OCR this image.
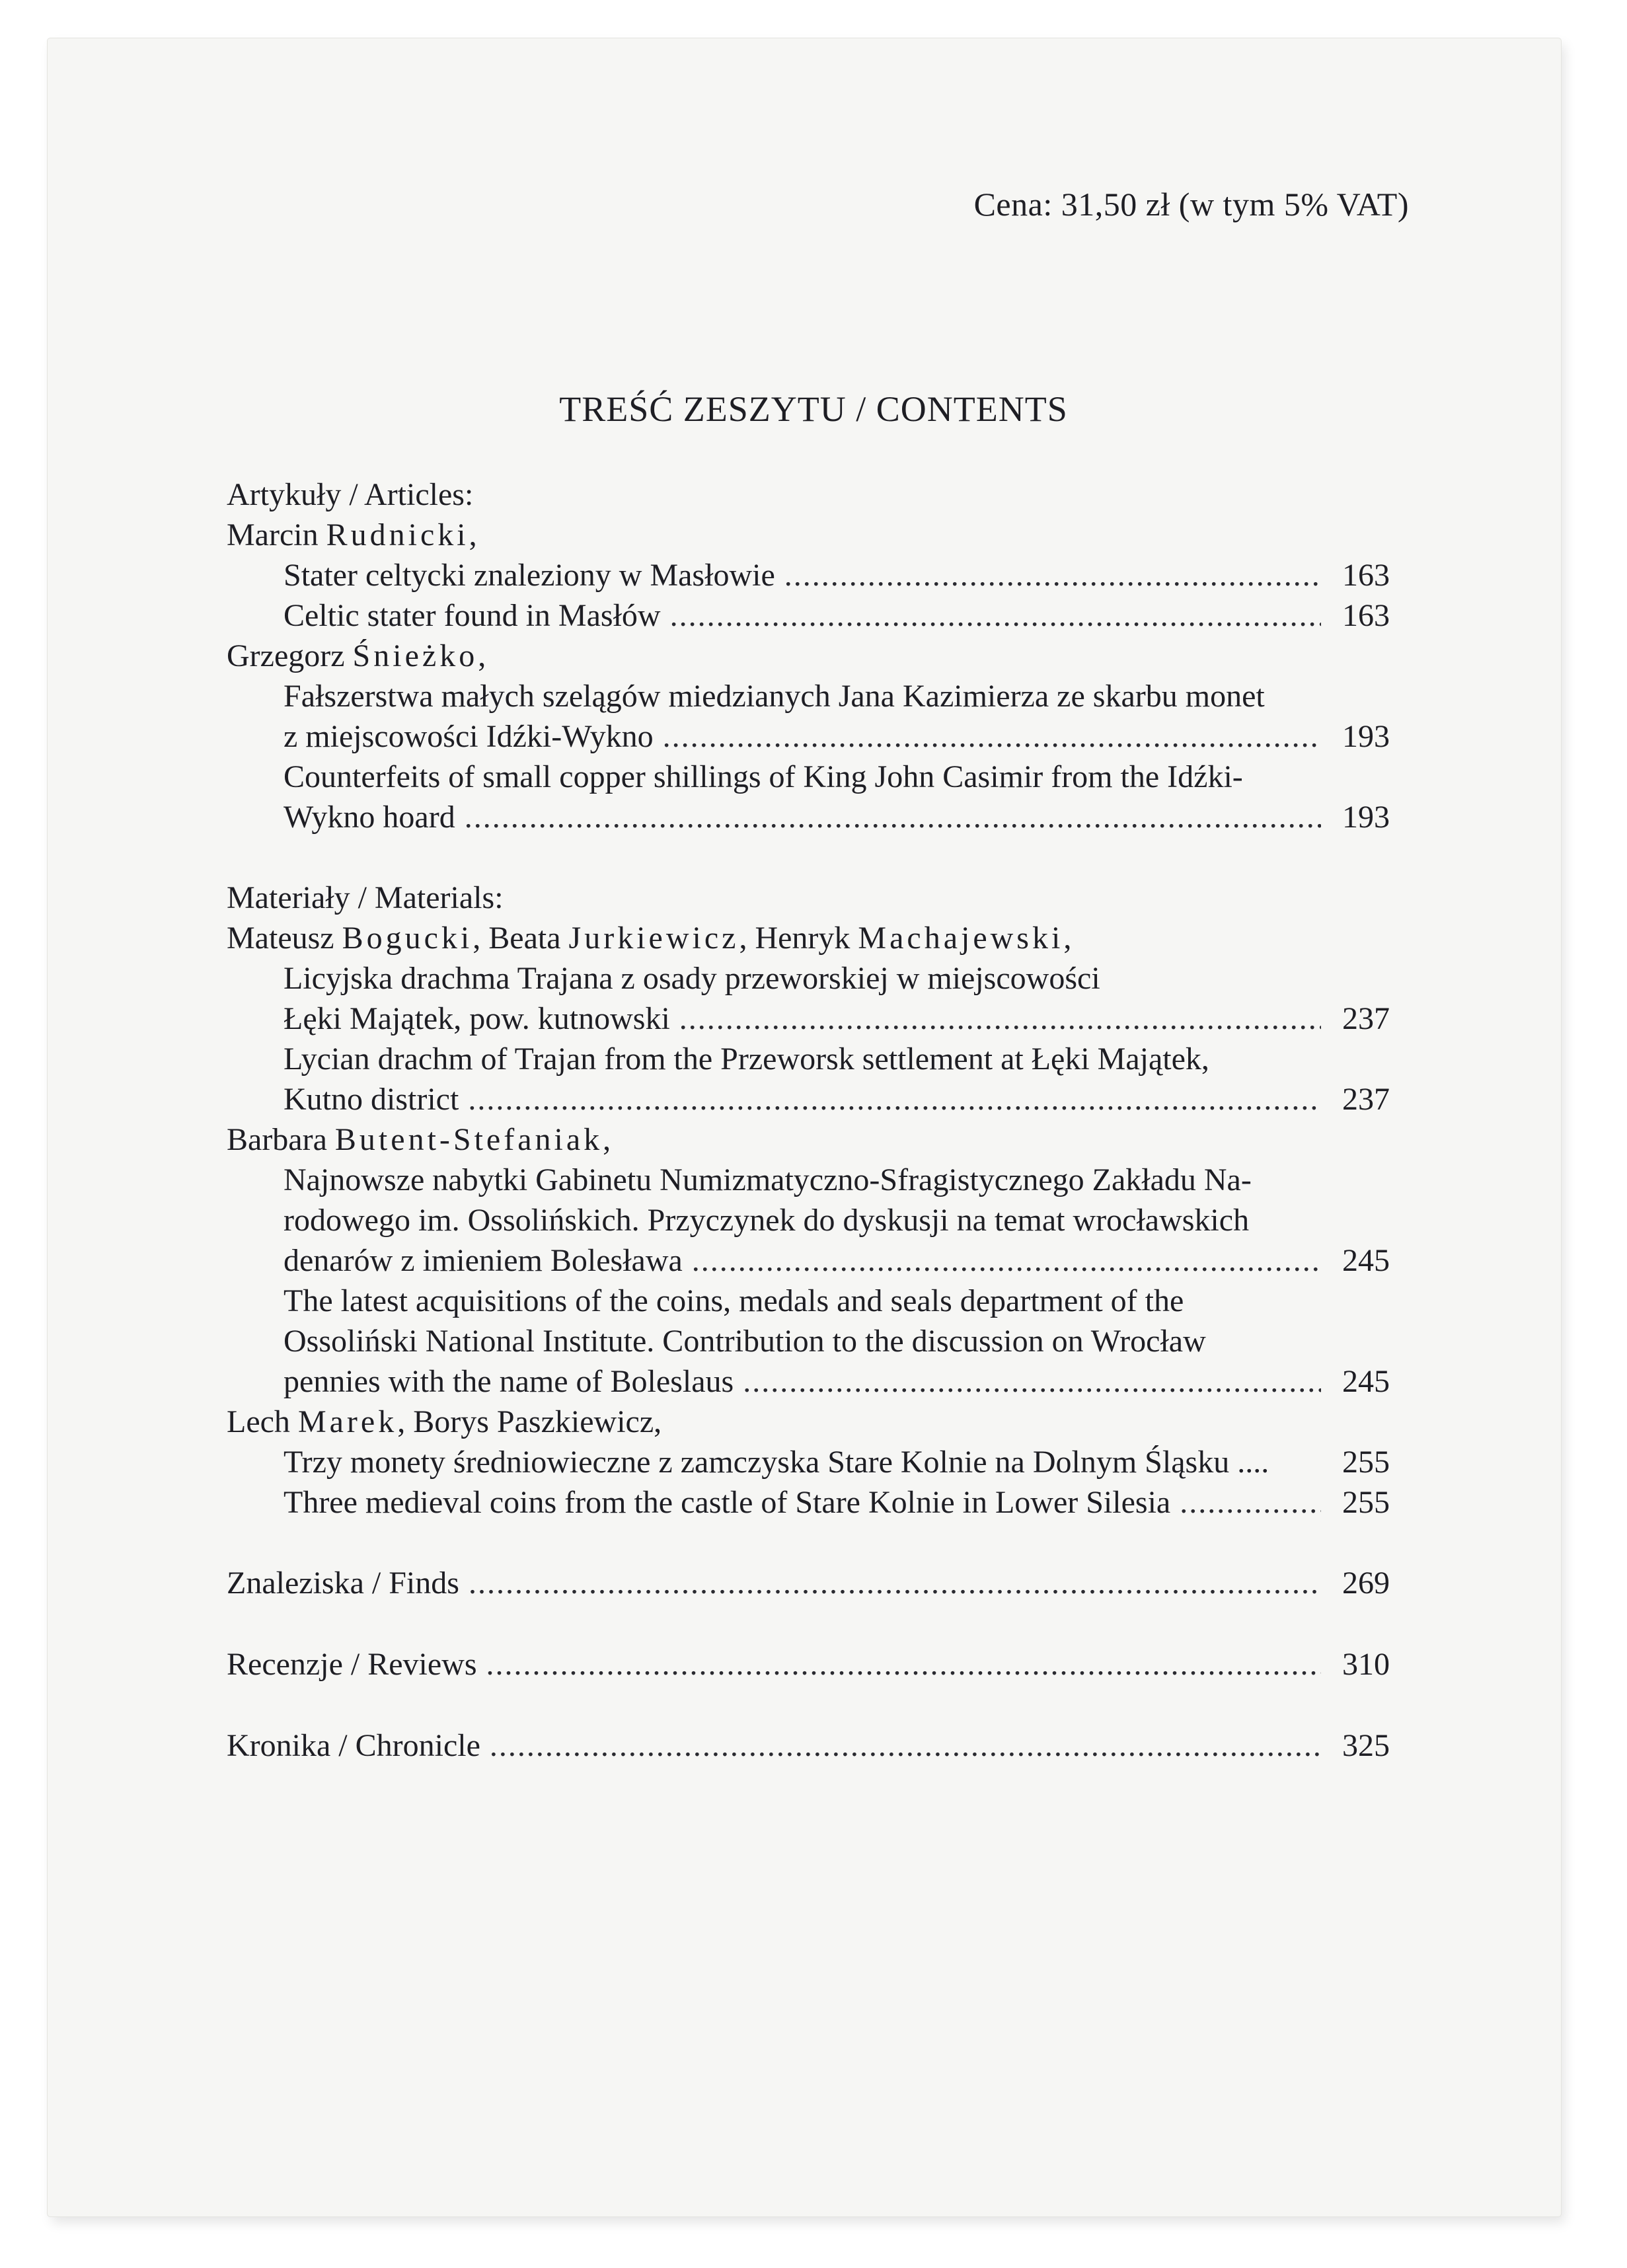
Cena: 31,50 zł (w tym 5% VAT)
TREŚĆ ZESZYTU / CONTENTS
Artykuły / Articles:
Marcin Rudnicki,
Stater celtycki znaleziony w Masłowie .....	163
Celtic stater found in Masłów .....	163
Grzegorz Śnieżko,
Fałszerstwa małych szelągów miedzianych Jana Kazimierza ze skarbu monet
z miejscowości Idźki-Wykno .....	193
Counterfeits of small copper shillings of King John Casimir from the Idźki-
Wykno hoard .....	193
Materiały / Materials:
Mateusz Bogucki, Beata Jurkiewicz, Henryk Machajewski,
Licyjska drachma Trajana z osady przeworskiej w miejscowości
Łęki Majątek, pow. kutnowski .....	237
Lycian drachm of Trajan from the Przeworsk settlement at Łęki Majątek,
Kutno district .....	237
Barbara Butent-Stefaniak,
Najnowsze nabytki Gabinetu Numizmatyczno-Sfragistycznego Zakładu Na-
rodowego im. Ossolińskich. Przyczynek do dyskusji na temat wrocławskich
denarów z imieniem Bolesława .....	245
The latest acquisitions of the coins, medals and seals department of the
Ossoliński National Institute. Contribution to the discussion on Wrocław
pennies with the name of Boleslaus .....	245
Lech Marek, Borys Paszkiewicz,
Trzy monety średniowieczne z zamczyska Stare Kolnie na Dolnym Śląsku ....	255
Three medieval coins from the castle of Stare Kolnie in Lower Silesia .....	255
Znaleziska / Finds .....	269
Recenzje / Reviews .....	310
Kronika / Chronicle .....	325
